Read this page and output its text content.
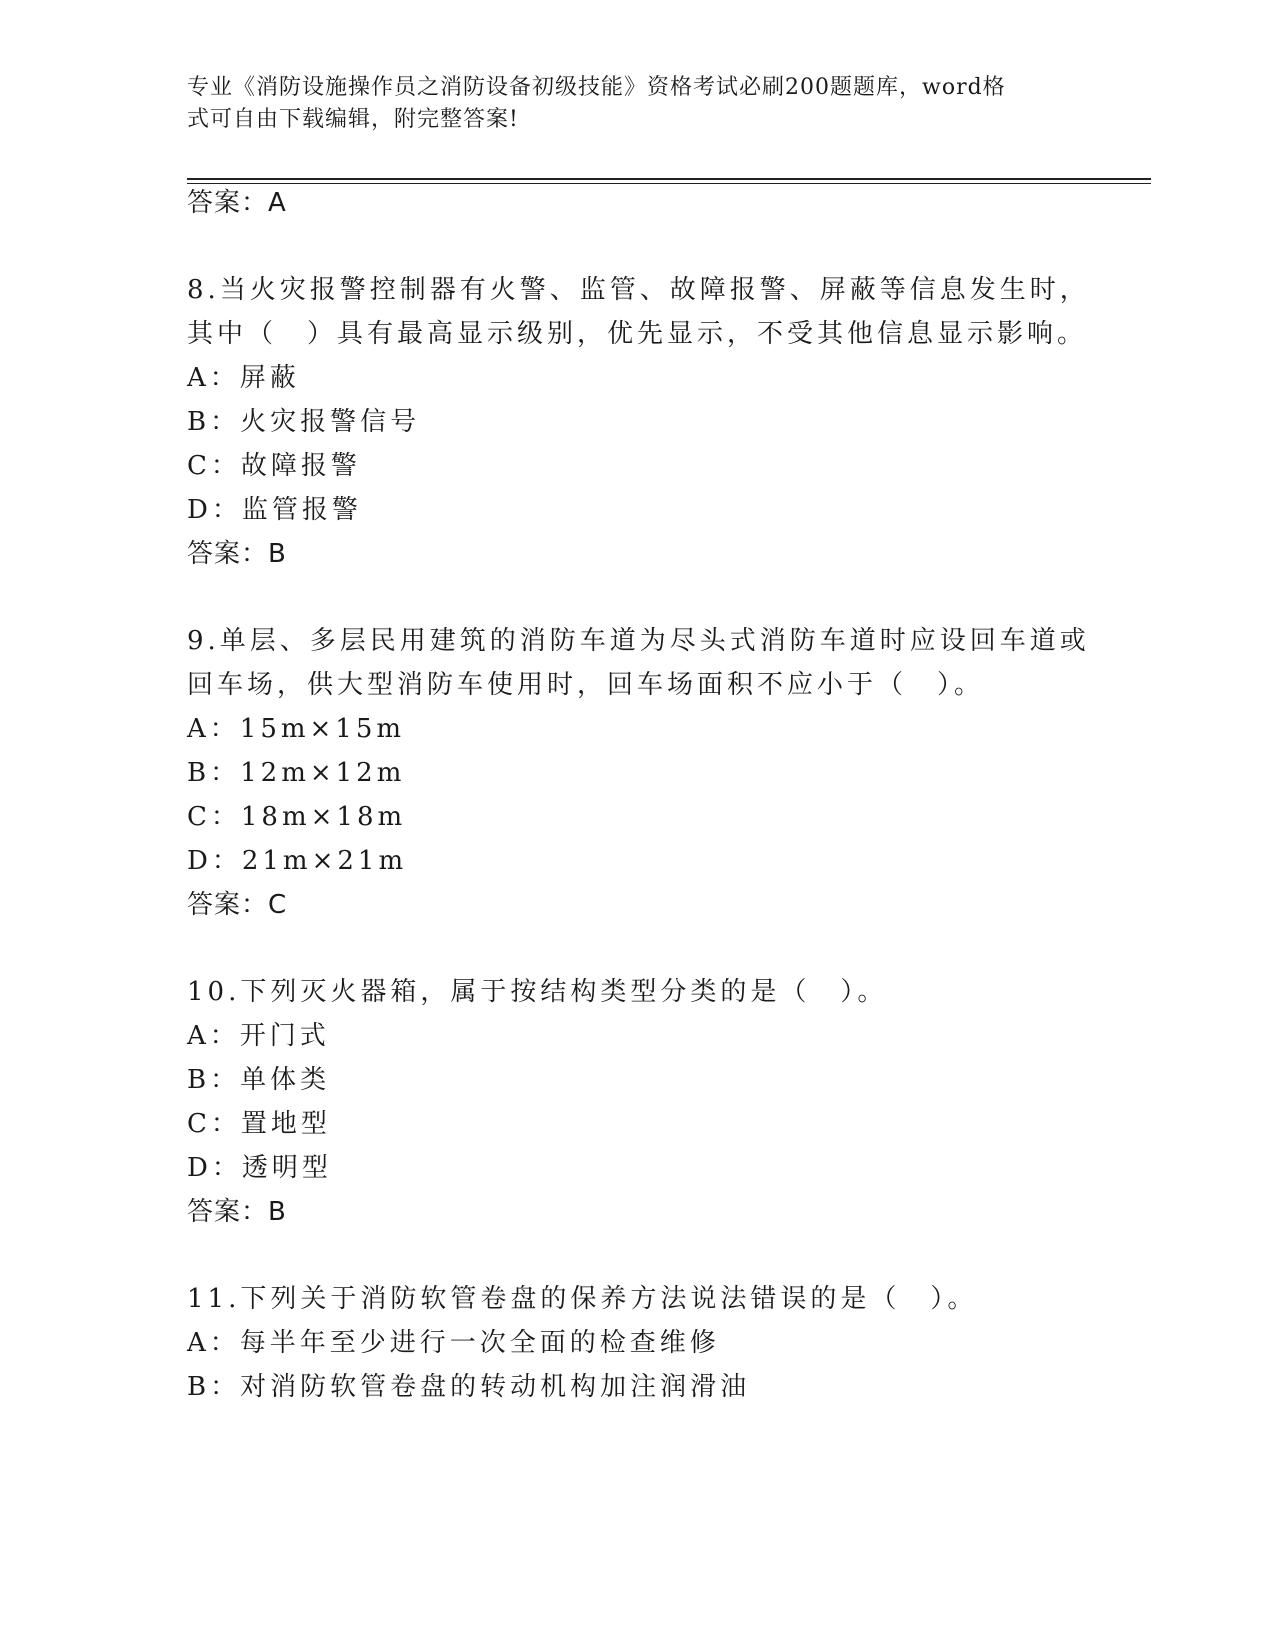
专业《消防设施操作员之消防设备初级技能》资格考试必刷200题题库，word格
式可自由下载编辑，附完整答案!
答案：A
8.当火灾报警控制器有火警、监管、故障报警、屏蔽等信息发生时，
其中（　）具有最高显示级别，优先显示，不受其他信息显示影响。
A：屏蔽
B：火灾报警信号
C：故障报警
D：监管报警
答案：B
9.单层、多层民用建筑的消防车道为尽头式消防车道时应设回车道或
回车场，供大型消防车使用时，回车场面积不应小于（　）。
A：15m×15m
B：12m×12m
C：18m×18m
D：21m×21m
答案：C
10.下列灭火器箱，属于按结构类型分类的是（　）。
A：开门式
B：单体类
C：置地型
D：透明型
答案：B
11.下列关于消防软管卷盘的保养方法说法错误的是（　）。
A：每半年至少进行一次全面的检查维修
B：对消防软管卷盘的转动机构加注润滑油
